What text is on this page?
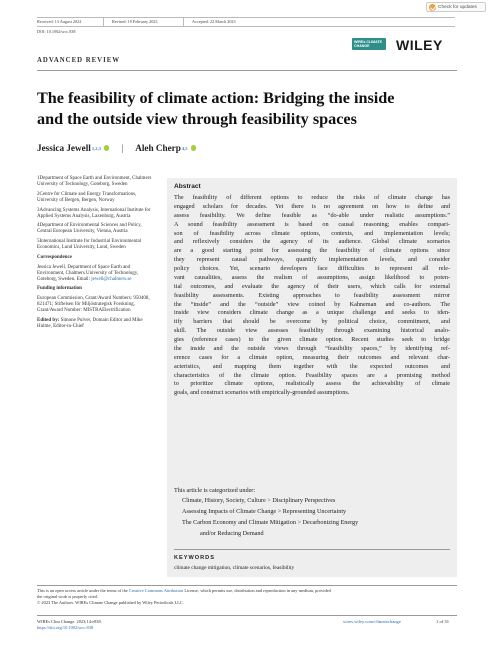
Check for updates
Received: 13 August 2022	Revised: 19 February 2023	Accepted: 22 March 2023
DOI: 10.1002/wcc.838
WIREs CLIMATE CHANGE	WILEY
ADVANCED REVIEW
The feasibility of climate action: Bridging the inside
and the outside view through feasibility spaces
Jessica Jewell 1,2,3 | Aleh Cherp 4,5

1Department of Space Earth and Environment, Chalmers University of Technology, Goteborg, Sweden

2Centre for Climate and Energy Transformations, University of Bergen, Bergen, Norway

3Advancing Systems Analysis, International Institute for Applied Systems Analysis, Laxenburg, Austria

4Department of Environmental Sciences and Policy, Central European University, Vienna, Austria

5International Institute for Industrial Environmental Economics, Lund University, Lund, Sweden

Correspondence

Jessica Jewell, Department of Space Earth and Environment, Chalmers University of Technology, Goteborg, Sweden. Email: jewell@chalmers.se

Funding information

European Commission, Grant/Award Numbers: 950408, 821471; Stiftelsen för Miljöstrategisk Forskning, Grant/Award Number: MISTRAElectrification

Edited by: Simone Pulver, Domain Editor and Mike Hulme, Editor-in-Chief

Abstract
The feasibility of different options to reduce the risks of climate change has
engaged scholars for decades. Yet there is no agreement on how to define and
assess feasibility. We define feasible as “do-able under realistic assumptions.”
A sound feasibility assessment is based on causal reasoning; enables compari-
son of feasibility across climate options, contexts, and implementation levels;
and reflexively considers the agency of its audience. Global climate scenarios
are a good starting point for assessing the feasibility of climate options since
they represent causal pathways, quantify implementation levels, and consider
policy choices. Yet, scenario developers face difficulties to represent all rele-
vant causalities, assess the realism of assumptions, assign likelihood to poten-
tial outcomes, and evaluate the agency of their users, which calls for external
feasibility assessments. Existing approaches to feasibility assessment mirror
the “inside” and the “outside” view coined by Kahneman and co-authors. The
inside view considers climate change as a unique challenge and seeks to iden-
tify barriers that should be overcome by political choice, commitment, and
skill. The outside view assesses feasibility through examining historical analo-
gies (reference cases) to the given climate option. Recent studies seek to bridge
the inside and the outside views through “feasibility spaces,” by identifying ref-
erence cases for a climate option, measuring their outcomes and relevant char-
acteristics, and mapping them together with the expected outcomes and
characteristics of the climate option. Feasibility spaces are a promising method
to prioritize climate options, realistically assess the achievability of climate
goals, and construct scenarios with empirically-grounded assumptions.
This article is categorized under:
Climate, History, Society, Culture > Disciplinary Perspectives
Assessing Impacts of Climate Change > Representing Uncertainty
The Carbon Economy and Climate Mitigation > Decarbonizing Energy
and/or Reducing Demand
KEYWORDS
climate change mitigation, climate scenarios, feasibility
This is an open access article under the terms of the Creative Commons Attribution License, which permits use, distribution and reproduction in any medium, provided
the original work is properly cited.
© 2023 The Authors. WIREs Climate Change published by Wiley Periodicals LLC.
WIREs Clim Change. 2023;14:e838.
https://doi.org/10.1002/wcc.838
wires.wiley.com/climatechange	1 of 31
